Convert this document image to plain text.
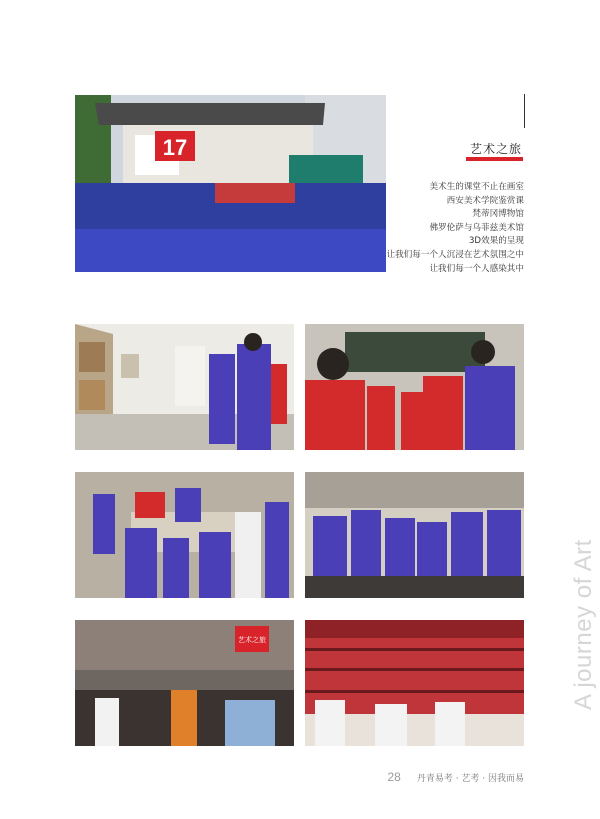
17	艺术之旅
美术生的课堂不止在画室
西安美术学院鉴赏课
梵蒂冈博物馆
佛罗伦萨与乌菲兹美术馆
3D效果的呈现
让我们每一个人沉浸在艺术氛围之中
让我们每一个人感染其中
艺术之旅	A journey of Art
28 丹青易考 · 艺考 · 因我而易
